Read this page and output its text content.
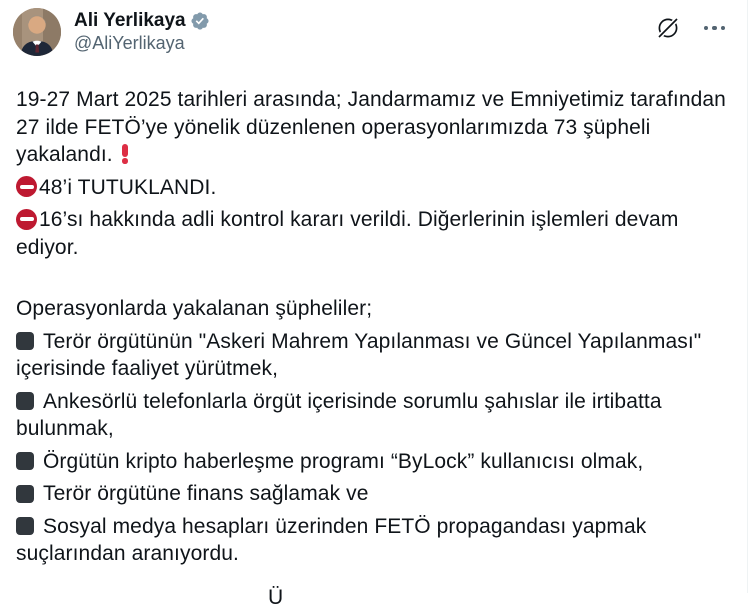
Ali Yerlikaya
@AliYerlikaya

19-27 Mart 2025 tarihleri arasında; Jandarmamız ve Emniyetimiz tarafından 27 ilde FETÖ’ye yönelik düzenlenen operasyonlarımızda 73 şüpheli yakalandı.

48’i TUTUKLANDI.

16’sı hakkında adli kontrol kararı verildi. Diğerlerinin işlemleri devam ediyor.

Operasyonlarda yakalanan şüpheliler;

Terör örgütünün "Askeri Mahrem Yapılanması ve Güncel Yapılanması" içerisinde faaliyet yürütmek,

Ankesörlü telefonlarla örgüt içerisinde sorumlu şahıslar ile irtibatta bulunmak,

Örgütün kripto haberleşme programı “ByLock” kullanıcısı olmak,

Terör örgütüne finans sağlamak ve

Sosyal medya hesapları üzerinden FETÖ propagandası yapmak suçlarından aranıyordu.

Ü
